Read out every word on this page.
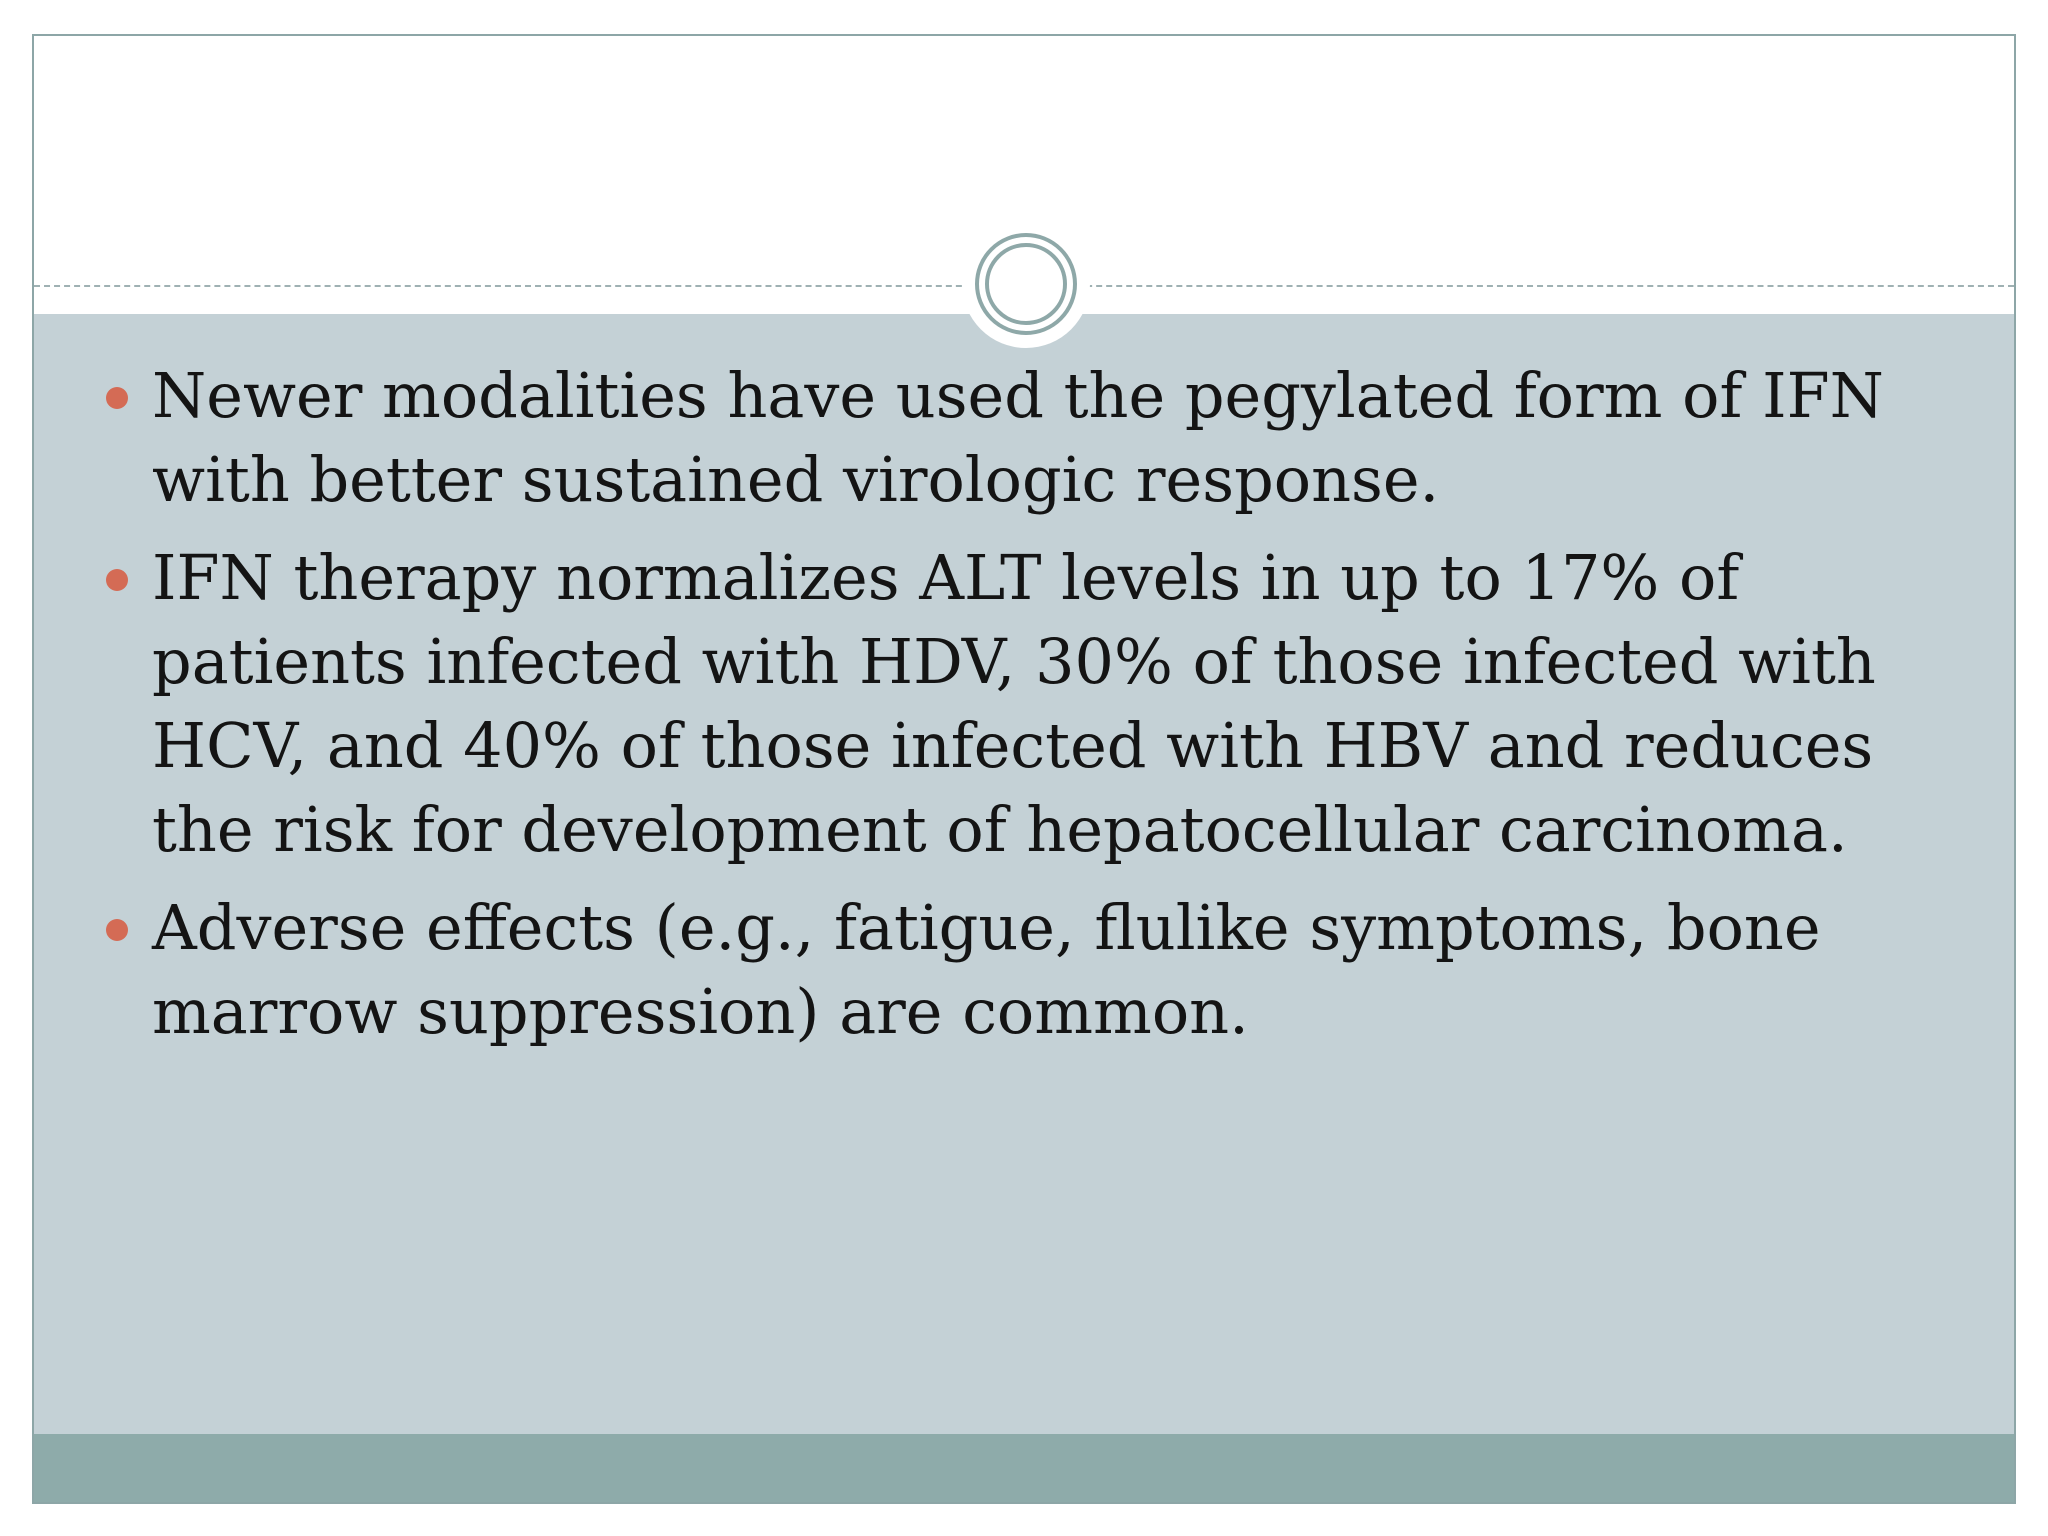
Newer modalities have used the pegylated form of IFN with better sustained virologic response.
IFN therapy normalizes ALT levels in up to 17% of patients infected with HDV, 30% of those infected with HCV, and 40% of those infected with HBV and reduces the risk for development of hepatocellular carcinoma.
Adverse effects (e.g., fatigue, flulike symptoms, bone marrow suppression) are common.
